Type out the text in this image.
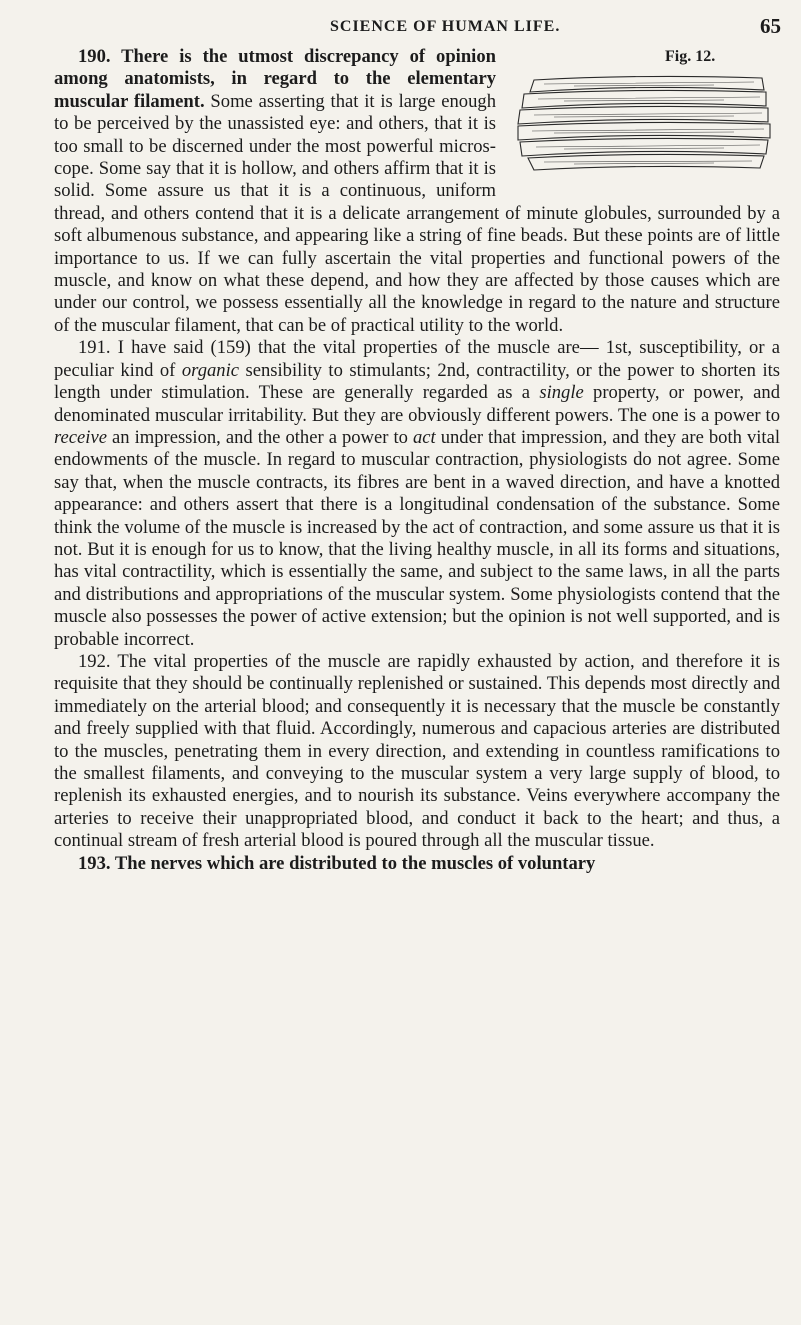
SCIENCE OF HUMAN LIFE.	65

Fig. 12.
190. There is the utmost discrepancy of opinion among anatomists, in regard to the elementary muscular filament. Some asserting that it is large enough to be perceived by the unassisted eye: and others, that it is too small to be discerned under the most powerful microscope. Some say that it is hollow, and others affirm that it is solid. Some assure us that it is a continuous, uniform thread, and others contend that it is a delicate arrangement of minute globules, surrounded by a soft albumenous substance, and appearing like a string of fine beads. But these points are of little importance to us. If we can fully ascertain the vital properties and functional powers of the muscle, and know on what these depend, and how they are affected by those causes which are under our control, we possess essentially all the knowledge in regard to the nature and structure of the muscular filament, that can be of practical utility to the world.

191. I have said (159) that the vital properties of the muscle are— 1st, susceptibility, or a peculiar kind of organic sensibility to stimulants; 2nd, contractility, or the power to shorten its length under stimulation. These are generally regarded as a single property, or power, and denominated muscular irritability. But they are obviously different powers. The one is a power to receive an impression, and the other a power to act under that impression, and they are both vital endowments of the muscle. In regard to muscular contraction, physiologists do not agree. Some say that, when the muscle contracts, its fibres are bent in a waved direction, and have a knotted appearance: and others assert that there is a longitudinal condensation of the substance. Some think the volume of the muscle is increased by the act of contraction, and some assure us that it is not. But it is enough for us to know, that the living healthy muscle, in all its forms and situations, has vital contractility, which is essentially the same, and subject to the same laws, in all the parts and distributions and appropriations of the muscular system. Some physiologists contend that the muscle also possesses the power of active extension; but the opinion is not well supported, and is probable incorrect.

192. The vital properties of the muscle are rapidly exhausted by action, and therefore it is requisite that they should be continually replenished or sustained. This depends most directly and immediately on the arterial blood; and consequently it is necessary that the muscle be constantly and freely supplied with that fluid. Accordingly, numerous and capacious arteries are distributed to the muscles, penetrating them in every direction, and extending in countless ramifications to the smallest filaments, and conveying to the muscular system a very large supply of blood, to replenish its exhausted energies, and to nourish its substance. Veins everywhere accompany the arteries to receive their unappropriated blood, and conduct it back to the heart; and thus, a continual stream of fresh arterial blood is poured through all the muscular tissue.

193. The nerves which are distributed to the muscles of voluntary
